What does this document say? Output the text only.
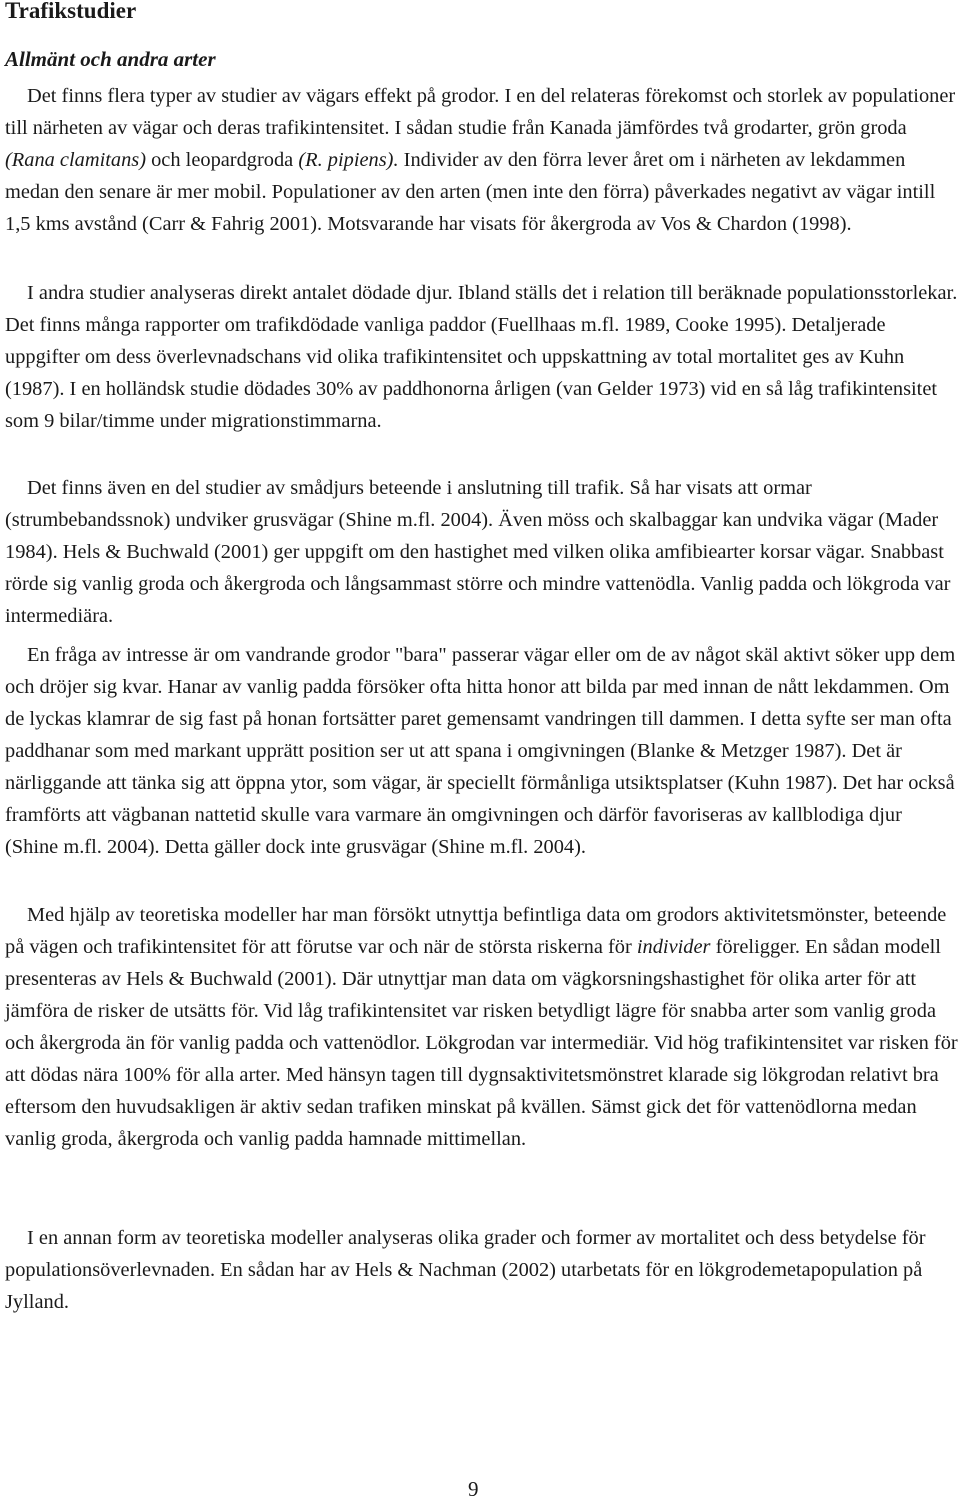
Trafikstudier
Allmänt och andra arter

Det finns flera typer av studier av vägars effekt på grodor. I en del relateras förekomst och storlek av populationer till närheten av vägar och deras trafikintensitet. I sådan studie från Kanada jämfördes två grodarter, grön groda (Rana clamitans) och leopardgroda (R. pipiens). Individer av den förra lever året om i närheten av lekdammen medan den senare är mer mobil. Populationer av den arten (men inte den förra) påverkades negativt av vägar intill 1,5 kms avstånd (Carr & Fahrig 2001). Motsvarande har visats för åkergroda av Vos & Chardon (1998).

I andra studier analyseras direkt antalet dödade djur. Ibland ställs det i relation till beräknade populationsstorlekar. Det finns många rapporter om trafikdödade vanliga paddor (Fuellhaas m.fl. 1989, Cooke 1995). Detaljerade uppgifter om dess överlevnadschans vid olika trafikintensitet och uppskattning av total mortalitet ges av Kuhn (1987). I en holländsk studie dödades 30% av paddhonorna årligen (van Gelder 1973) vid en så låg trafikintensitet som 9 bilar/timme under migrationstimmarna.

Det finns även en del studier av smådjurs beteende i anslutning till trafik. Så har visats att ormar (strumbebandssnok) undviker grusvägar (Shine m.fl. 2004). Även möss och skalbaggar kan undvika vägar (Mader 1984). Hels & Buchwald (2001) ger uppgift om den hastighet med vilken olika amfibiearter korsar vägar. Snabbast rörde sig vanlig groda och åkergroda och långsammast större och mindre vattenödla. Vanlig padda och lökgroda var intermediära.

En fråga av intresse är om vandrande grodor "bara" passerar vägar eller om de av något skäl aktivt söker upp dem och dröjer sig kvar. Hanar av vanlig padda försöker ofta hitta honor att bilda par med innan de nått lekdammen. Om de lyckas klamrar de sig fast på honan fortsätter paret gemensamt vandringen till dammen. I detta syfte ser man ofta paddhanar som med markant upprätt position ser ut att spana i omgivningen (Blanke & Metzger 1987). Det är närliggande att tänka sig att öppna ytor, som vägar, är speciellt förmånliga utsiktsplatser (Kuhn 1987). Det har också framförts att vägbanan nattetid skulle vara varmare än omgivningen och därför favoriseras av kallblodiga djur (Shine m.fl. 2004). Detta gäller dock inte grusvägar (Shine m.fl. 2004).

Med hjälp av teoretiska modeller har man försökt utnyttja befintliga data om grodors aktivitetsmönster, beteende på vägen och trafikintensitet för att förutse var och när de största riskerna för individer föreligger. En sådan modell presenteras av Hels & Buchwald (2001). Där utnyttjar man data om vägkorsningshastighet för olika arter för att jämföra de risker de utsätts för. Vid låg trafikintensitet var risken betydligt lägre för snabba arter som vanlig groda och åkergroda än för vanlig padda och vattenödlor. Lökgrodan var intermediär. Vid hög trafikintensitet var risken för att dödas nära 100% för alla arter. Med hänsyn tagen till dygnsaktivitetsmönstret klarade sig lökgrodan relativt bra eftersom den huvudsakligen är aktiv sedan trafiken minskat på kvällen. Sämst gick det för vattenödlorna medan vanlig groda, åkergroda och vanlig padda hamnade mittimellan.

I en annan form av teoretiska modeller analyseras olika grader och former av mortalitet och dess betydelse för populationsöverlevnaden. En sådan har av Hels & Nachman (2002) utarbetats för en lökgrodemetapopulation på Jylland.

9
